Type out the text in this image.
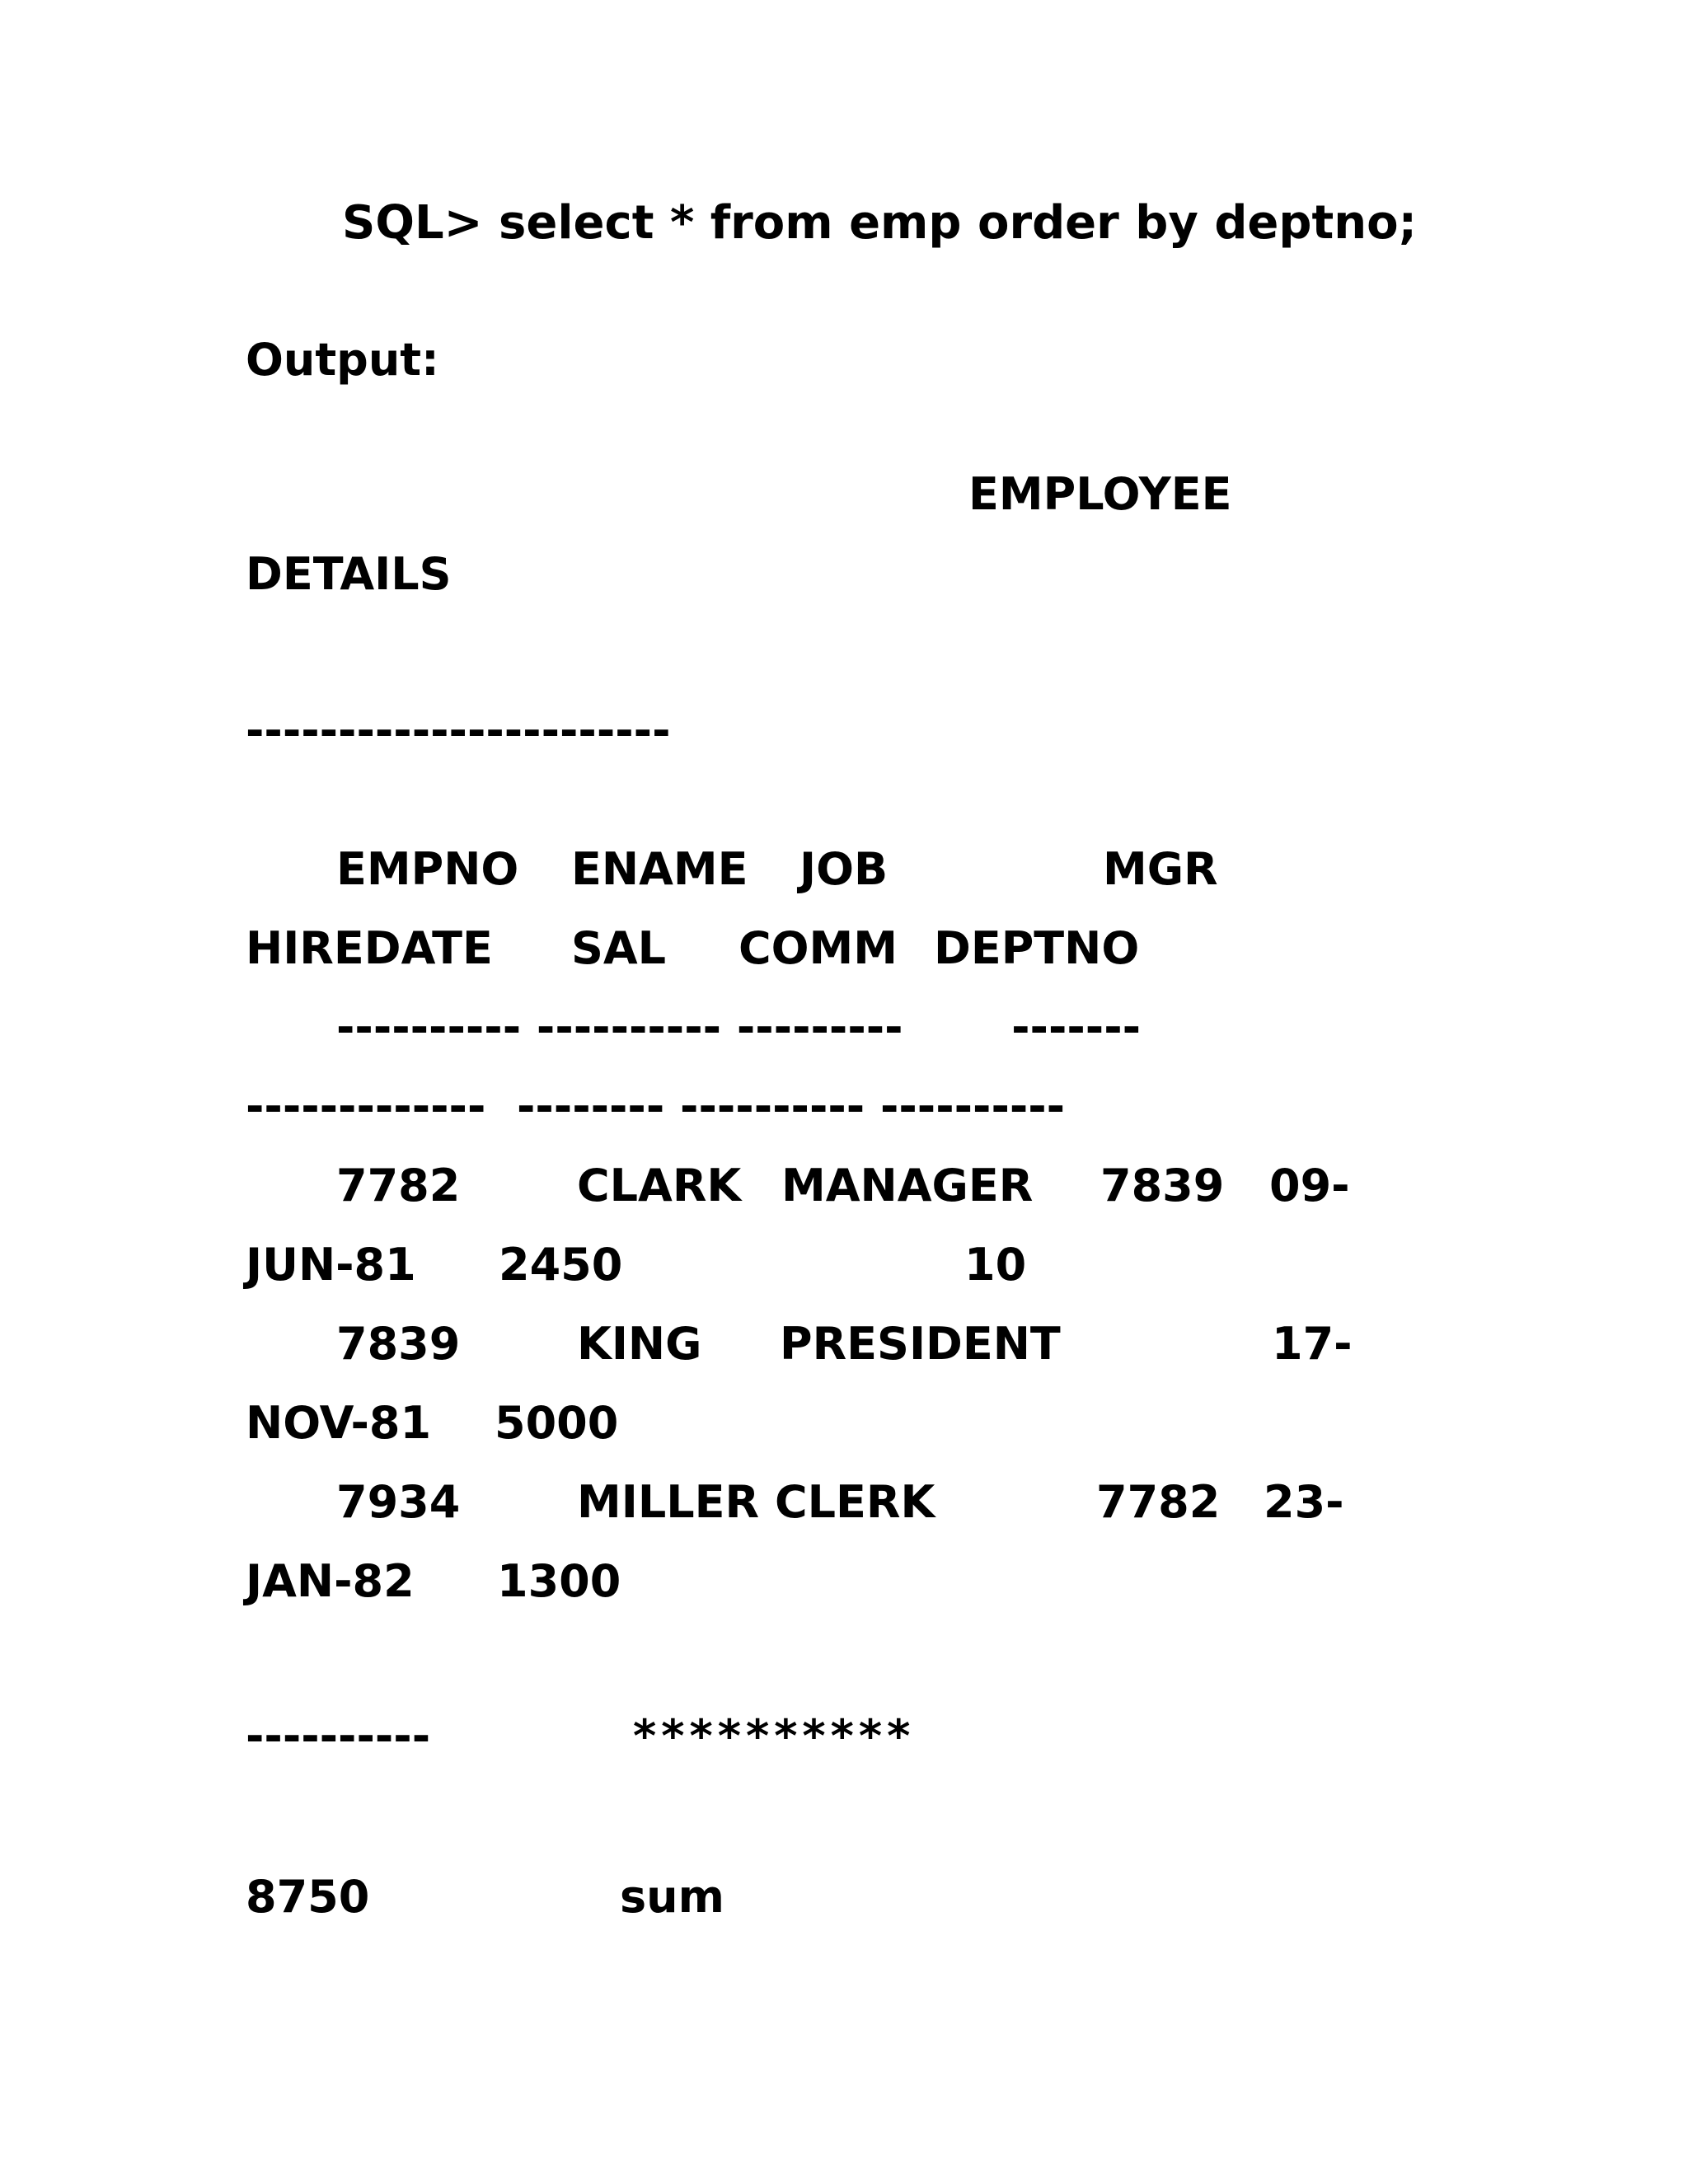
SQL> select * from emp order by deptno;
Output:
EMPLOYEE
DETAILS
-----------------------
EMPNO ENAME JOB	MGR
HIREDATE SAL COMM DEPTNO
---------- ---------- ---------       -------
-------------  -------- ---------- ----------
7782	CLARK MANAGER 7839 09-
JUN-81 2450	10
7839	KING PRESIDENT	17-
NOV-81 5000
7934	MILLER CLERK	7782 23-
JAN-82 1300
----------	**********
8750	sum
